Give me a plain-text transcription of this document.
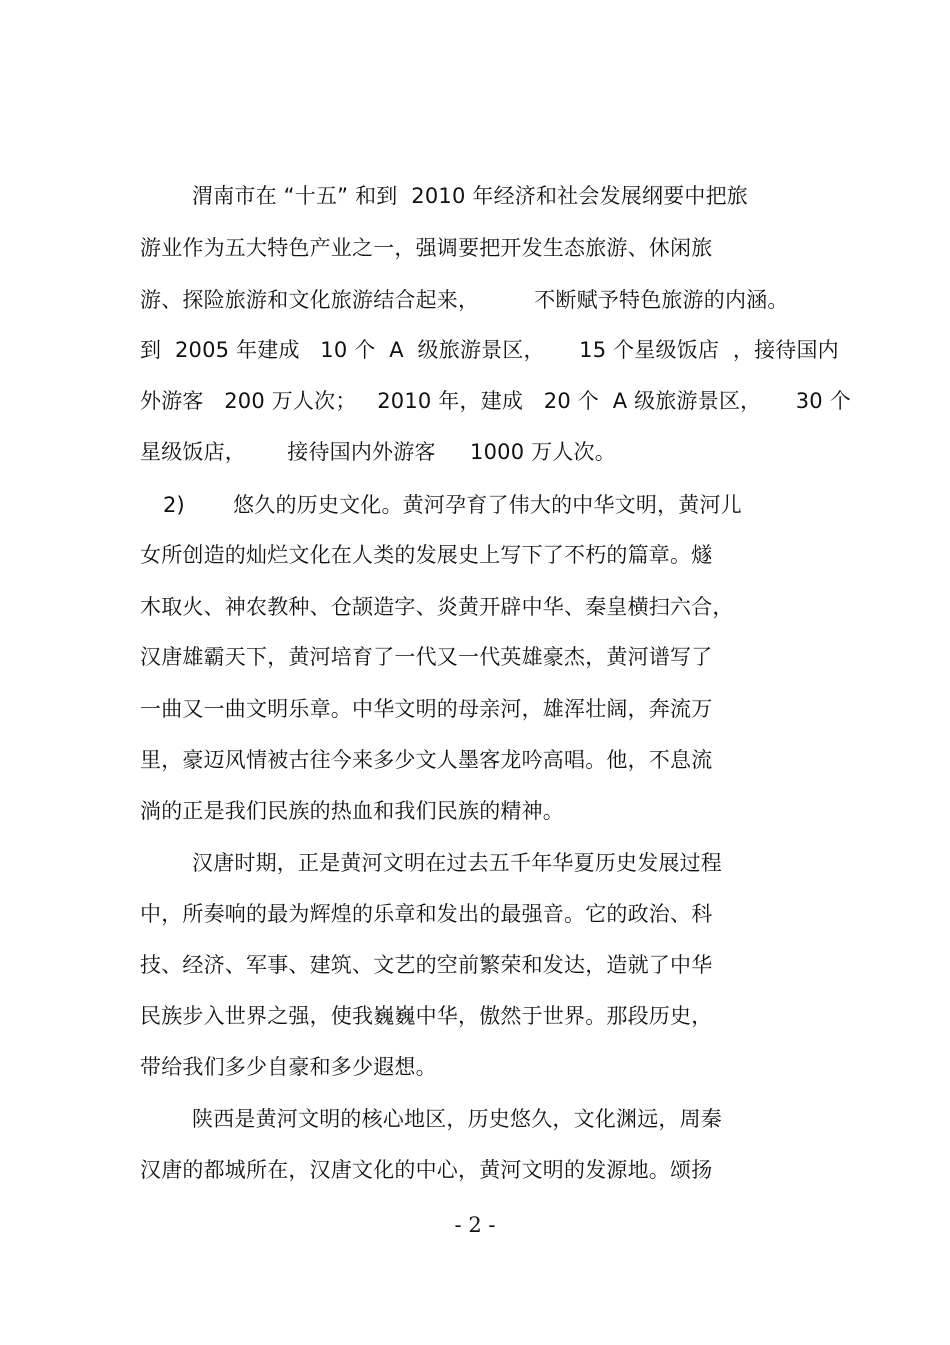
渭南市在 “十五” 和到  2010 年经济和社会发展纲要中把旅
游业作为五大特色产业之一，强调要把开发生态旅游、休闲旅
游、探险旅游和文化旅游结合起来，        不断赋予特色旅游的内涵。
到  2005 年建成   10 个  A  级旅游景区，     15 个星级饭店  ，接待国内
外游客   200 万人次；   2010 年，建成   20 个  A 级旅游景区，     30 个
星级饭店，      接待国内外游客     1000 万人次。
2)       悠久的历史文化。黄河孕育了伟大的中华文明，黄河儿
女所创造的灿烂文化在人类的发展史上写下了不朽的篇章。燧
木取火、神农教种、仓颉造字、炎黄开辟中华、秦皇横扫六合，
汉唐雄霸天下，黄河培育了一代又一代英雄豪杰，黄河谱写了
一曲又一曲文明乐章。中华文明的母亲河，雄浑壮阔，奔流万
里，豪迈风情被古往今来多少文人墨客龙吟高唱。他，不息流
淌的正是我们民族的热血和我们民族的精神。
汉唐时期，正是黄河文明在过去五千年华夏历史发展过程
中，所奏响的最为辉煌的乐章和发出的最强音。它的政治、科
技、经济、军事、建筑、文艺的空前繁荣和发达，造就了中华
民族步入世界之强，使我巍巍中华，傲然于世界。那段历史，
带给我们多少自豪和多少遐想。
陕西是黄河文明的核心地区，历史悠久，文化渊远，周秦
汉唐的都城所在，汉唐文化的中心，黄河文明的发源地。颂扬
- 2 -
